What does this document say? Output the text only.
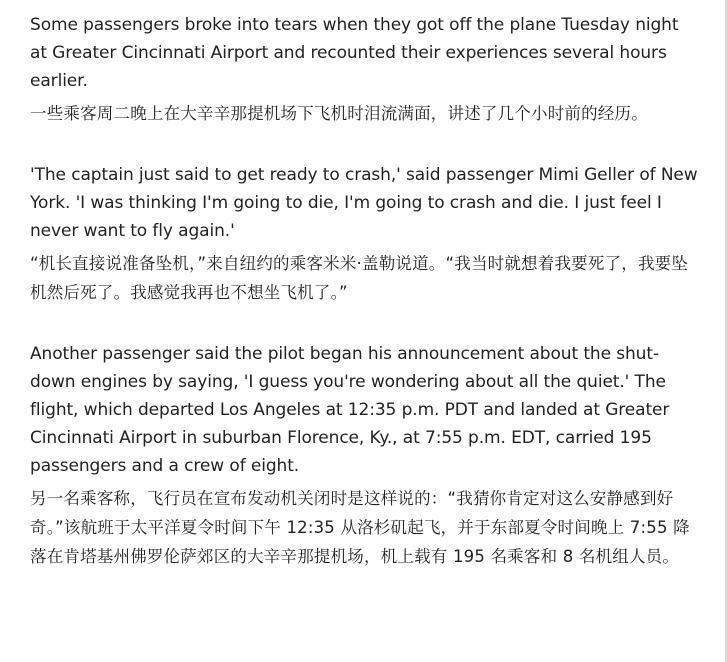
Some passengers broke into tears when they got off the plane Tuesday night at Greater Cincinnati Airport and recounted their experiences several hours earlier.

一些乘客周二晚上在大辛辛那提机场下飞机时泪流满面，讲述了几个小时前的经历。

'The captain just said to get ready to crash,' said passenger Mimi Geller of New York. 'I was thinking I'm going to die, I'm going to crash and die. I just feel I never want to fly again.'

“机长直接说准备坠机，”来自纽约的乘客米米·盖勒说道。“我当时就想着我要死了，我要坠机然后死了。我感觉我再也不想坐飞机了。”

Another passenger said the pilot began his announcement about the shut-down engines by saying, 'I guess you're wondering about all the quiet.' The flight, which departed Los Angeles at 12:35 p.m. PDT and landed at Greater Cincinnati Airport in suburban Florence, Ky., at 7:55 p.m. EDT, carried 195 passengers and a crew of eight.

另一名乘客称，飞行员在宣布发动机关闭时是这样说的：“我猜你肯定对这么安静感到好奇。”该航班于太平洋夏令时间下午 12:35 从洛杉矶起飞，并于东部夏令时间晚上 7:55 降落在肯塔基州佛罗伦萨郊区的大辛辛那提机场，机上载有 195 名乘客和 8 名机组人员。
